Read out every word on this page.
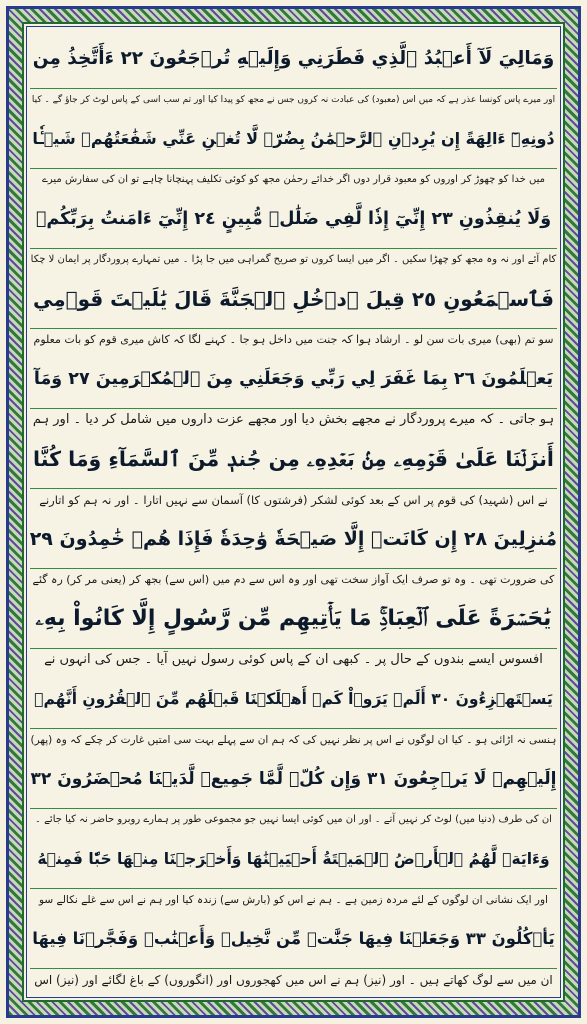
وَمَالِيَ لَآ أَعۡبُدُ ٱلَّذِي فَطَرَنِي وَإِلَيۡهِ تُرۡجَعُونَ ٢٢ ءَأَتَّخِذُ مِن
اور میرے پاس کونسا عذر ہے کہ میں اس (معبود) کی عبادت نہ کروں جس نے مجھ کو پیدا کیا اور تم سب اسی کے پاس لوٹ کر جاؤ گے ۔ کیا
دُونِهِۦٓ ءَالِهَةً إِن يُرِدۡنِ ٱلرَّحۡمَٰنُ بِضُرّٖ لَّا تُغۡنِ عَنِّي شَفَٰعَتُهُمۡ شَيۡـٔٗا
میں خدا کو چھوڑ کر اوروں کو معبود قرار دوں اگر خدائے رحمٰن مجھ کو کوئی تکلیف پہنچانا چاہے تو ان کی سفارش میرے
وَلَا يُنقِذُونِ ٢٣ إِنِّيٓ إِذٗا لَّفِي ضَلَٰلٖ مُّبِينٍ ٢٤ إِنِّيٓ ءَامَنتُ بِرَبِّكُمۡ
کام آئے اور نہ وہ مجھ کو چھڑا سکیں ۔ اگر میں ایسا کروں تو صریح گمراہی میں جا پڑا ۔ میں تمہارے پروردگار پر ایمان لا چکا
فَٱسۡمَعُونِ ٢٥ قِيلَ ٱدۡخُلِ ٱلۡجَنَّةَ قَالَ يَٰلَيۡتَ قَوۡمِي
سو تم (بھی) میری بات سن لو ۔ ارشاد ہوا کہ جنت میں داخل ہو جا ۔ کہنے لگا کہ کاش میری قوم کو بات معلوم
يَعۡلَمُونَ ٢٦ بِمَا غَفَرَ لِي رَبِّي وَجَعَلَنِي مِنَ ٱلۡمُكۡرَمِينَ ٢٧ وَمَآ
ہو جاتی ۔ کہ میرے پروردگار نے مجھے بخش دیا اور مجھے عزت داروں میں شامل کر دیا ۔ اور ہم
أَنزَلۡنَا عَلَىٰ قَوۡمِهِۦ مِنۢ بَعۡدِهِۦ مِن جُندٖ مِّنَ ٱلسَّمَآءِ وَمَا كُنَّا
نے اس (شہید) کی قوم پر اس کے بعد کوئی لشکر (فرشتوں کا) آسمان سے نہیں اتارا ۔ اور نہ ہم کو اتارنے
مُنزِلِينَ ٢٨ إِن كَانَتۡ إِلَّا صَيۡحَةٗ وَٰحِدَةٗ فَإِذَا هُمۡ خَٰمِدُونَ ٢٩
کی ضرورت تھی ۔ وہ تو صرف ایک آواز سخت تھی اور وہ اس سے دم میں (اس سے) بجھ کر (یعنی مر کر) رہ گئے
يَٰحَسۡرَةً عَلَى ٱلۡعِبَادِۚ مَا يَأۡتِيهِم مِّن رَّسُولٍ إِلَّا كَانُواْ بِهِۦ
افسوس ایسے بندوں کے حال پر ۔ کبھی ان کے پاس کوئی رسول نہیں آیا ۔ جس کی انہوں نے
يَسۡتَهۡزِءُونَ ٣٠ أَلَمۡ يَرَوۡاْ كَمۡ أَهۡلَكۡنَا قَبۡلَهُم مِّنَ ٱلۡقُرُونِ أَنَّهُمۡ
ہنسی نہ اڑائی ہو ۔ کیا ان لوگوں نے اس پر نظر نہیں کی کہ ہم ان سے پہلے بہت سی امتیں غارت کر چکے کہ وہ (پھر)
إِلَيۡهِمۡ لَا يَرۡجِعُونَ ٣١ وَإِن كُلّٞ لَّمَّا جَمِيعٞ لَّدَيۡنَا مُحۡضَرُونَ ٣٢
ان کی طرف (دنیا میں) لوٹ کر نہیں آتے ۔ اور ان میں کوئی ایسا نہیں جو مجموعی طور پر ہمارے روبرو حاضر نہ کیا جائے ۔
وَءَايَةٞ لَّهُمُ ٱلۡأَرۡضُ ٱلۡمَيۡتَةُ أَحۡيَيۡنَٰهَا وَأَخۡرَجۡنَا مِنۡهَا حَبّٗا فَمِنۡهُ
اور ایک نشانی ان لوگوں کے لئے مردہ زمین ہے ۔ ہم نے اس کو (بارش سے) زندہ کیا اور ہم نے اس سے غلے نکالے سو
يَأۡكُلُونَ ٣٣ وَجَعَلۡنَا فِيهَا جَنَّٰتٖ مِّن نَّخِيلٖ وَأَعۡنَٰبٖ وَفَجَّرۡنَا فِيهَا
ان میں سے لوگ کھاتے ہیں ۔ اور (نیز) ہم نے اس میں کھجوروں اور (انگوروں) کے باغ لگائے اور (نیز) اس
